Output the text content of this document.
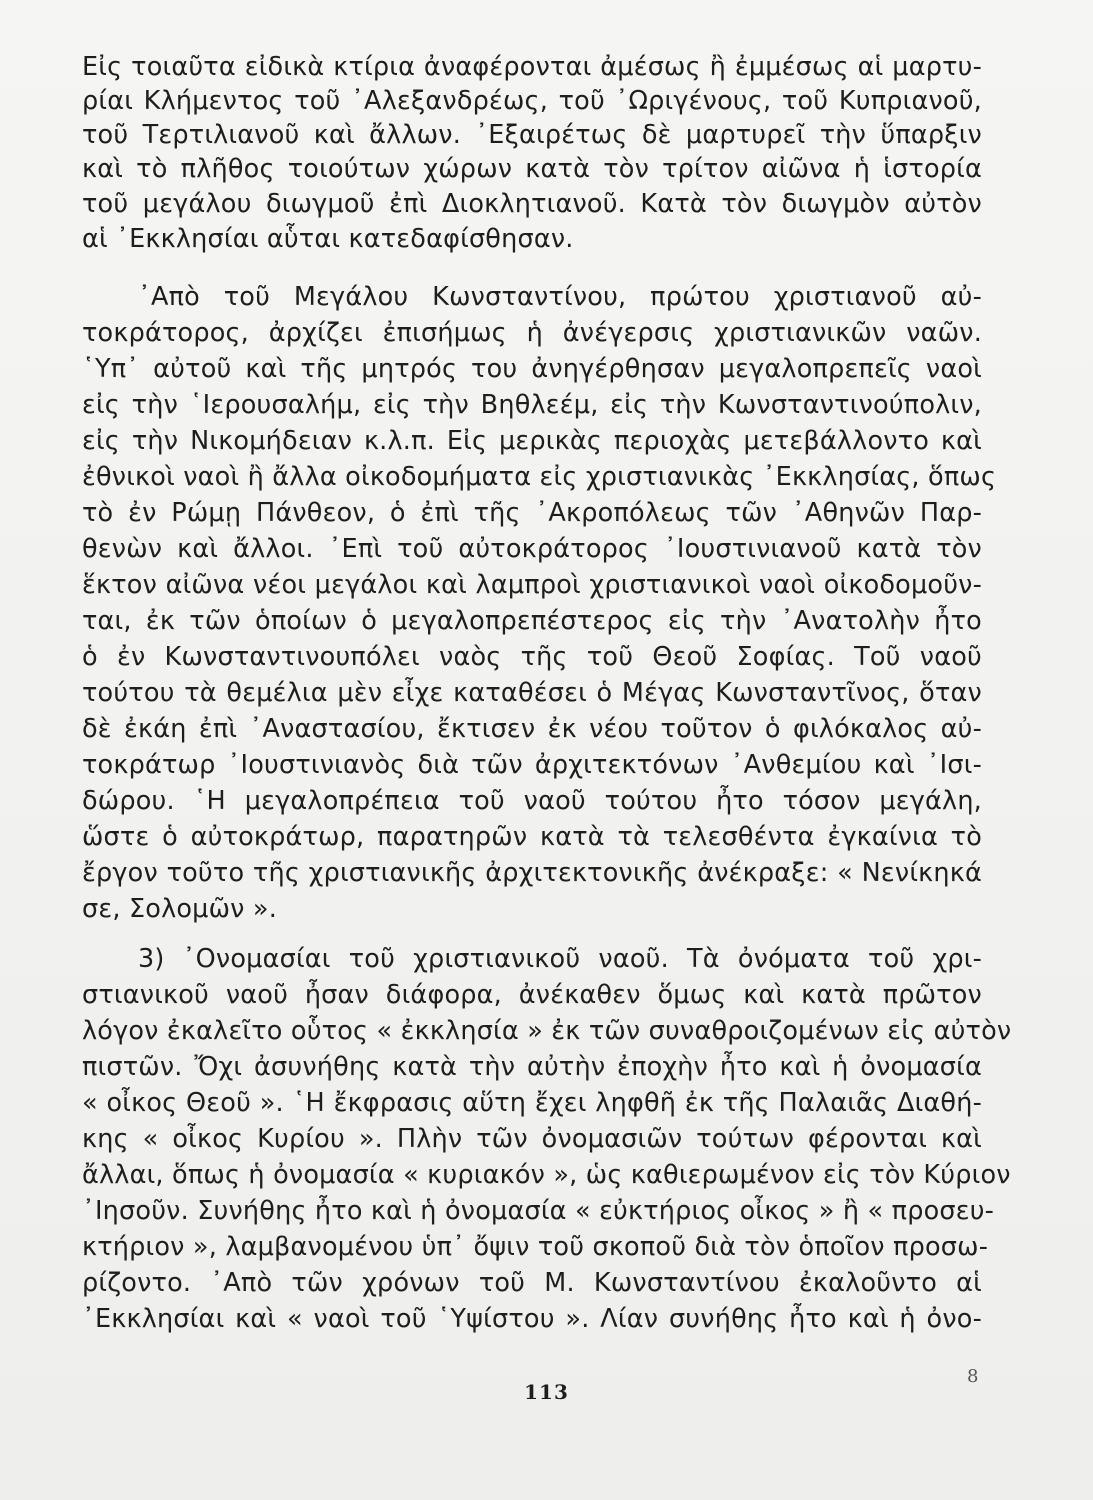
Εἰς τοιαῦτα εἰδικὰ κτίρια ἀναφέρονται ἀμέσως ἢ ἐμμέσως αἱ μαρτυ-
ρίαι Κλήμεντος τοῦ ᾿Αλεξανδρέως, τοῦ ᾿Ωριγένους, τοῦ Κυπριανοῦ,
τοῦ Τερτιλιανοῦ καὶ ἄλλων. ᾿Εξαιρέτως δὲ μαρτυρεῖ τὴν ὕπαρξιν
καὶ τὸ πλῆθος τοιούτων χώρων κατὰ τὸν τρίτον αἰῶνα ἡ ἱστορία
τοῦ μεγάλου διωγμοῦ ἐπὶ Διοκλητιανοῦ. Κατὰ τὸν διωγμὸν αὐτὸν
αἱ ᾿Εκκλησίαι αὗται κατεδαφίσθησαν.
᾿Απὸ τοῦ Μεγάλου Κωνσταντίνου, πρώτου χριστιανοῦ αὐ-
τοκράτορος, ἀρχίζει ἐπισήμως ἡ ἀνέγερσις χριστιανικῶν ναῶν.
῾Υπ᾿ αὐτοῦ καὶ τῆς μητρός του ἀνηγέρθησαν μεγαλοπρεπεῖς ναοὶ
εἰς τὴν ῾Ιερουσαλήμ, εἰς τὴν Βηθλεέμ, εἰς τὴν Κωνσταντινούπολιν,
εἰς τὴν Νικομήδειαν κ.λ.π. Εἰς μερικὰς περιοχὰς μετεβάλλοντο καὶ
ἐθνικοὶ ναοὶ ἢ ἄλλα οἰκοδομήματα εἰς χριστιανικὰς ᾿Εκκλησίας, ὅπως
τὸ ἐν Ρώμῃ Πάνθεον, ὁ ἐπὶ τῆς ᾿Ακροπόλεως τῶν ᾿Αθηνῶν Παρ-
θενὼν καὶ ἄλλοι. ᾿Επὶ τοῦ αὐτοκράτορος ᾿Ιουστινιανοῦ κατὰ τὸν
ἕκτον αἰῶνα νέοι μεγάλοι καὶ λαμπροὶ χριστιανικοὶ ναοὶ οἰκοδομοῦν-
ται, ἐκ τῶν ὁποίων ὁ μεγαλοπρεπέστερος εἰς τὴν ᾿Ανατολὴν ἦτο
ὁ ἐν Κωνσταντινουπόλει ναὸς τῆς τοῦ Θεοῦ Σοφίας. Τοῦ ναοῦ
τούτου τὰ θεμέλια μὲν εἶχε καταθέσει ὁ Μέγας Κωνσταντῖνος, ὅταν
δὲ ἐκάη ἐπὶ ᾿Αναστασίου, ἔκτισεν ἐκ νέου τοῦτον ὁ φιλόκαλος αὐ-
τοκράτωρ ᾿Ιουστινιανὸς διὰ τῶν ἀρχιτεκτόνων ᾿Ανθεμίου καὶ ᾿Ισι-
δώρου. ῾Η μεγαλοπρέπεια τοῦ ναοῦ τούτου ἦτο τόσον μεγάλη,
ὥστε ὁ αὐτοκράτωρ, παρατηρῶν κατὰ τὰ τελεσθέντα ἐγκαίνια τὸ
ἔργον τοῦτο τῆς χριστιανικῆς ἀρχιτεκτονικῆς ἀνέκραξε: « Νενίκηκά
σε, Σολομῶν ».
3) ᾿Ονομασίαι τοῦ χριστιανικοῦ ναοῦ. Τὰ ὀνόματα τοῦ χρι-
στιανικοῦ ναοῦ ἦσαν διάφορα, ἀνέκαθεν ὅμως καὶ κατὰ πρῶτον
λόγον ἐκαλεῖτο οὗτος « ἐκκλησία » ἐκ τῶν συναθροιζομένων εἰς αὐτὸν
πιστῶν. Ὄχι ἀσυνήθης κατὰ τὴν αὐτὴν ἐποχὴν ἦτο καὶ ἡ ὀνομασία
« οἶκος Θεοῦ ». ῾Η ἔκφρασις αὕτη ἔχει ληφθῆ ἐκ τῆς Παλαιᾶς Διαθή-
κης « οἶκος Κυρίου ». Πλὴν τῶν ὀνομασιῶν τούτων φέρονται καὶ
ἄλλαι, ὅπως ἡ ὀνομασία « κυριακόν », ὡς καθιερωμένον εἰς τὸν Κύριον
᾿Ιησοῦν. Συνήθης ἦτο καὶ ἡ ὀνομασία « εὐκτήριος οἶκος » ἢ « προσευ-
κτήριον », λαμβανομένου ὑπ᾿ ὄψιν τοῦ σκοποῦ διὰ τὸν ὁποῖον προσω-
ρίζοντο. ᾿Απὸ τῶν χρόνων τοῦ Μ. Κωνσταντίνου ἐκαλοῦντο αἱ
᾿Εκκλησίαι καὶ « ναοὶ τοῦ ῾Υψίστου ». Λίαν συνήθης ἦτο καὶ ἡ ὀνο-
113
8
